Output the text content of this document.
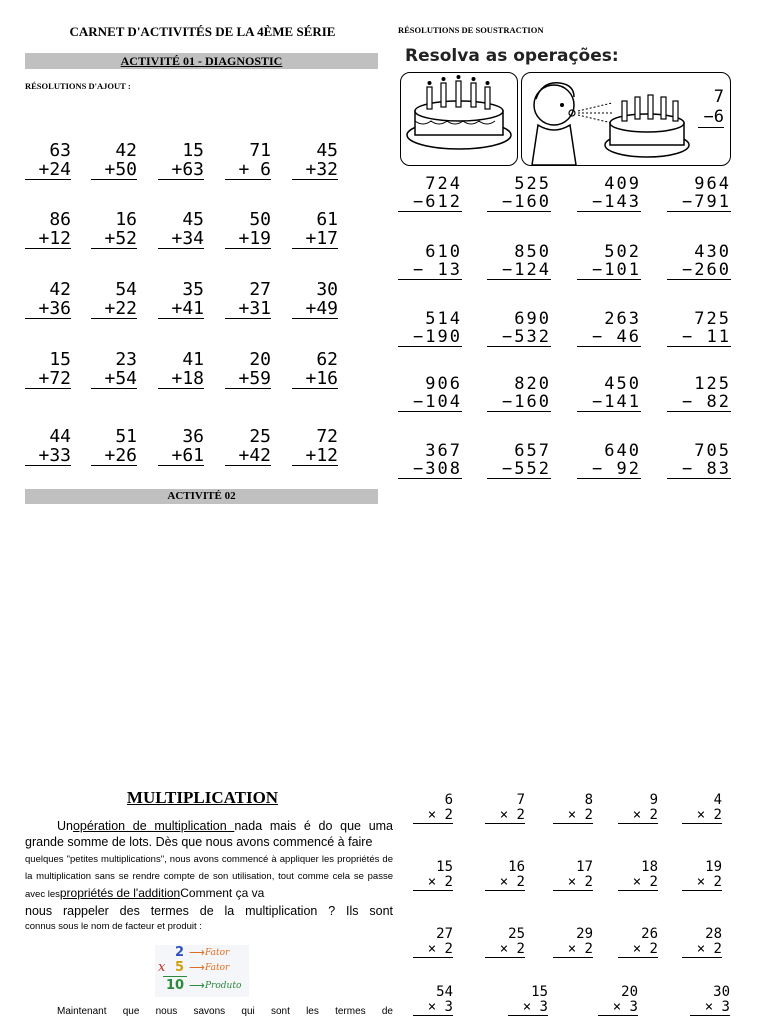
CARNET D'ACTIVITÉS DE LA 4ÈME SÉRIE
ACTIVITÉ 01 - DIAGNOSTIC
RÉSOLUTIONS D'AJOUT :
RÉSOLUTIONS DE SOUSTRACTION
ACTIVITÉ 02
63
+24
42
+50
15
+63
71
+ 6
45
+32
86
+12
16
+52
45
+34
50
+19
61
+17
42
+36
54
+22
35
+41
27
+31
30
+49
15
+72
23
+54
41
+18
20
+59
62
+16
44
+33
51
+26
36
+61
25
+42
72
+12
Resolva as operações:
7
−6
724
−612
525
−160
409
−143
964
−791
610
− 13
850
−124
502
−101
430
−260
514
−190
690
−532
263
− 46
725
− 11
906
−104
820
−160
450
−141
125
− 82
367
−308
657
−552
640
− 92
705
− 83
MULTIPLICATION
Unopération de multiplication nada mais é do que uma grande somme de lots. Dès que nous avons commencé à faire
quelques "petites multiplications", nous avons commencé à appliquer les propriétés de la multiplication sans se rendre compte de son utilisation, tout comme cela se passe avec lespropriétés de l'additionComment ça va
nous rappeler des termes de la multiplication ? Ils sont
connus sous le nom de facteur et produit :
2
x 5
10
⟶
⟶
⟶
Fator
Fator
Produto
Maintenant que nous savons qui sont les termes de
6
× 2
7
× 2
8
× 2
9
× 2
4
× 2
15
× 2
16
× 2
17
× 2
18
× 2
19
× 2
27
× 2
25
× 2
29
× 2
26
× 2
28
× 2
54
× 3
15
× 3
20
× 3
30
× 3
